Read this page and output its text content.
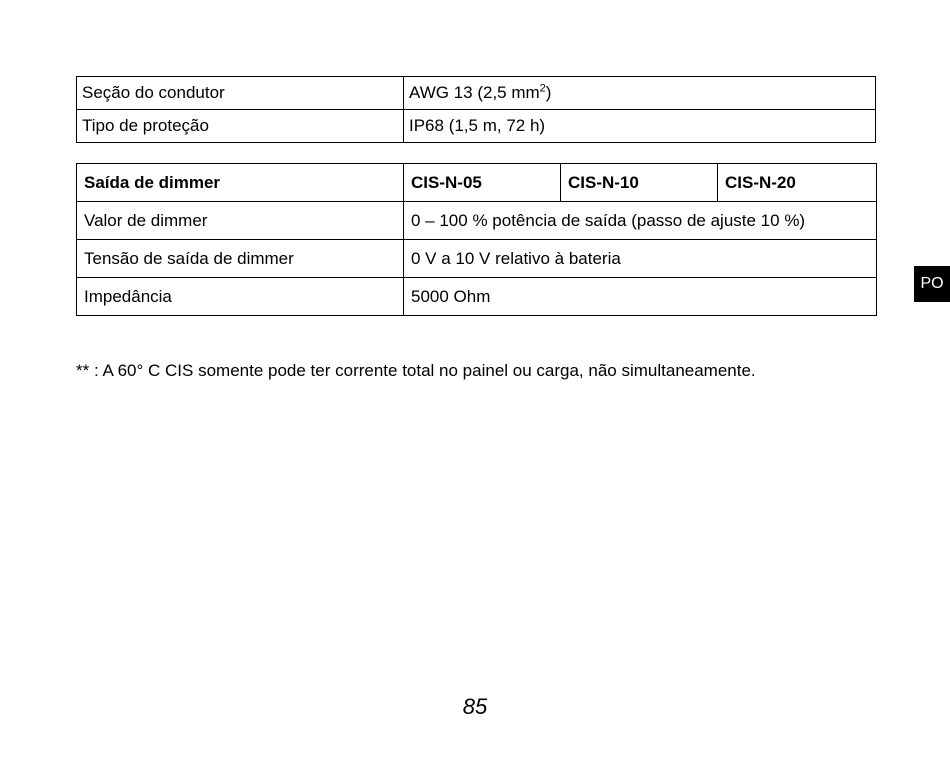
Seção do condutor	AWG 13 (2,5 $mm^2$)
Tipo de proteção	IP68 (1,5 m, 72 h)
Saída de dimmer	CIS-N-05	CIS-N-10	CIS-N-20
Valor de dimmer	0 – 100 % potência de saída (passo de ajuste 10 %)		
Tensão de saída de dimmer	0 V a 10 V relativo à bateria		
Impedância	5000 Ohm		
** : A 60° C CIS somente pode ter corrente total no painel ou carga, não simultaneamente.
PO
85
